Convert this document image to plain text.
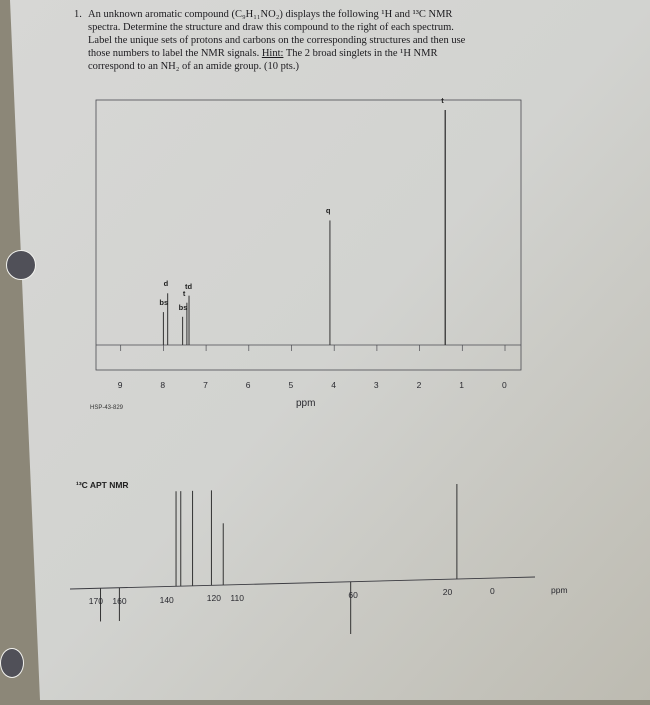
1. An unknown aromatic compound (C₉H₁₁NO₂) displays the following ¹H and ¹³C NMR
spectra. Determine the structure and draw this compound to the right of each spectrum.
Label the unique sets of protons and carbons on the corresponding structures and then use
those numbers to label the NMR signals. Hint: The 2 broad singlets in the ¹H NMR
correspond to an NH₂ of an amide group. (10 pts.)
9	8	7	6	5	4	3	2	1	0
ppm
HSP-43-829
bs
d
bs
t
td
q
t
¹³C APT NMR
170 160	140	120 110	60	20	0	ppm
